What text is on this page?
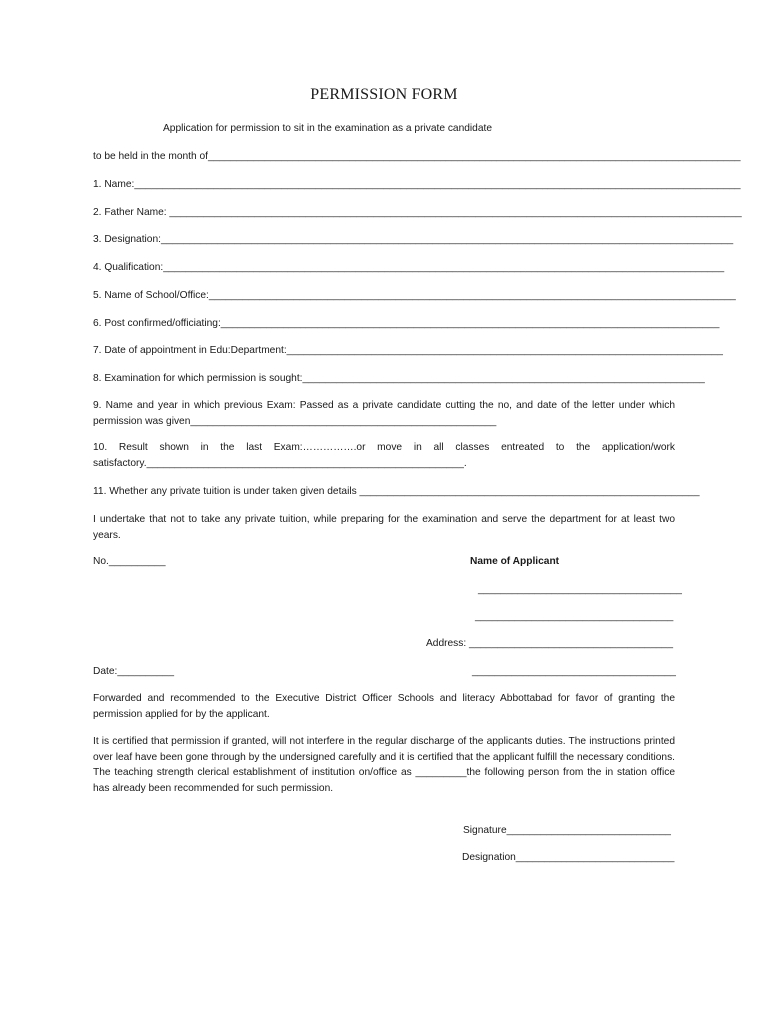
PERMISSION FORM
Application for permission to sit in the examination as a private candidate
to be held in the month of______________________________________________________________________________________________
1. Name:___________________________________________________________________________________________________________
2. Father Name: _____________________________________________________________________________________________________
3. Designation:_____________________________________________________________________________________________________
4. Qualification:___________________________________________________________________________________________________
5. Name of School/Office:_____________________________________________________________________________________________
6. Post confirmed/officiating:________________________________________________________________________________________
7. Date of appointment in Edu:Department:_____________________________________________________________________________
8. Examination for which permission is sought:_______________________________________________________________________

9. Name and year in which previous Exam: Passed as a private candidate cutting the no, and date of the letter under which permission was given______________________________________________________

10. Result shown in the last Exam:…………….or move in all classes entreated to the application/work satisfactory.________________________________________________________.

11. Whether any private tuition is under taken given details ____________________________________________________________

I undertake that not to take any private tuition, while preparing for the examination and serve the department for at least two years.

No.__________	Name of Applicant
____________________________________
___________________________________
Address: ____________________________________
Date:__________	____________________________________

Forwarded and recommended to the Executive District Officer Schools and literacy Abbottabad for favor of granting the permission applied for by the applicant.

It is certified that permission if granted, will not interfere in the regular discharge of the applicants duties. The instructions printed over leaf have been gone through by the undersigned carefully and it is certified that the applicant fulfill the necessary conditions. The teaching strength clerical establishment of institution on/office as _________the following person from the in station office has already been recommended for such permission.

Signature_____________________________
Designation____________________________
